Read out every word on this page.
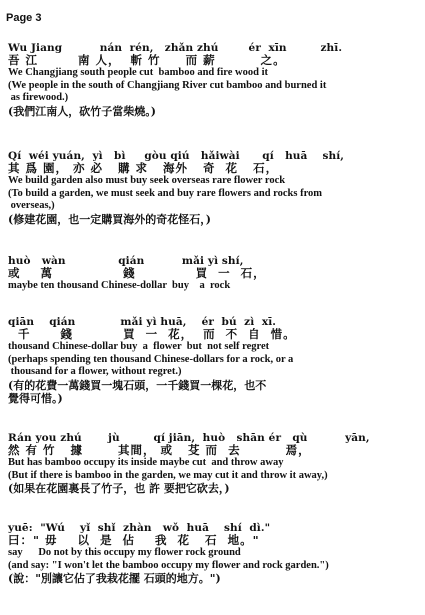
Page 3
Wu Jiang          nán  rén,   zhǎn zhú        ér  xīn         zhī.
吾 江        南 人，  斬 竹     而 薪         之。
We Changjiang south people cut  bamboo and fire wood it
(We people in the south of Changjiang River cut bamboo and burned it
as firewood.)
(我們江南人，砍竹子當柴燒。)
Qí  wéi yuán,  yì   bì     gòu qiú   hǎiwài      qí   huā    shí,
其 爲 園， 亦 必   購 求   海外   奇  花   石，
We build garden also must buy seek overseas rare flower rock
(To build a garden, we must seek and buy rare flowers and rocks from
overseas,)
(修建花園，也一定購買海外的奇花怪石，)
huò   wàn              qián          mǎi yì shí,
或    萬              錢            買  一  石，
maybe ten thousand Chinese-dollar  buy    a  rock
qiān    qián            mǎi yì huā,    ér  bú  zì  xī.
千      錢          買  一  花，  而  不  自  惜。
thousand Chinese-dollar buy  a  flower  but  not self regret
(perhaps spending ten thousand Chinese-dollars for a rock, or a
thousand for a flower, without regret.)
(有的花費一萬錢買一塊石頭，一千錢買一棵花，也不
覺得可惜。)
Rán you zhú       jù         qí jiān,  huò   shān ér   qù          yān,
然 有 竹   據       其間， 或   芟 而  去         焉，
But has bamboo occupy its inside maybe cut  and throw away
(But if there is bamboo in the garden, we may cut it and throw it away,)
(如果在花園裏長了竹子，也 許 要把它砍去，)
yuē:  "Wú    yǐ  shǐ  zhàn   wǒ  huā    shí  dì."
曰：" 毋    以  是  佔    我  花   石  地。"
say      Do not by this occupy my flower rock ground
(and say: "I won't let the bamboo occupy my flower and rock garden.")
(說："別讓它佔了我栽花擺 石頭的地方。")
